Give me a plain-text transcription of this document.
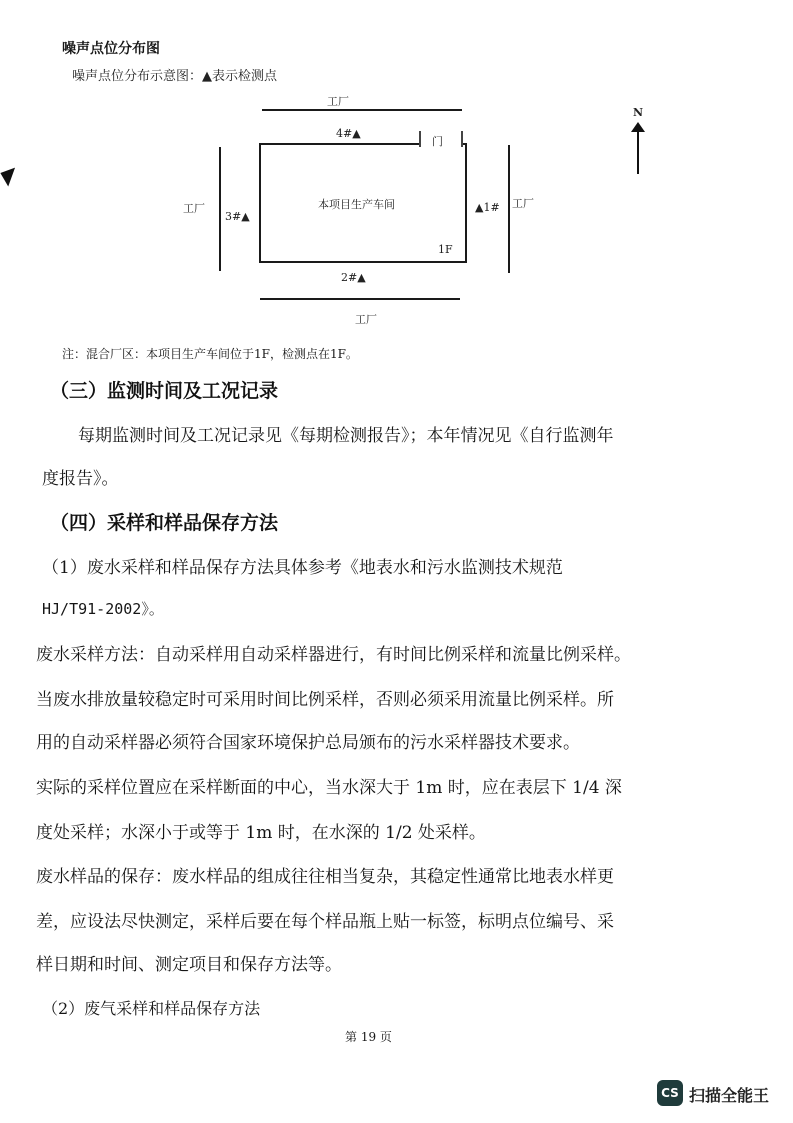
噪声点位分布图
噪声点位分布示意图：▲表示检测点
工厂
工厂
工厂	工厂
门
本项目生产车间
1F
4#▲
2#▲
3#▲
▲1#
N
注：混合厂区：本项目生产车间位于1F，检测点在1F。
（三）监测时间及工况记录
每期监测时间及工况记录见《每期检测报告》；本年情况见《自行监测年
度报告》。
（四）采样和样品保存方法
（1）废水采样和样品保存方法具体参考《地表水和污水监测技术规范
HJ/T91-2002》。
废水采样方法：自动采样用自动采样器进行，有时间比例采样和流量比例采样。
当废水排放量较稳定时可采用时间比例采样，否则必须采用流量比例采样。所
用的自动采样器必须符合国家环境保护总局颁布的污水采样器技术要求。
实际的采样位置应在采样断面的中心，当水深大于 1m 时，应在表层下 1/4 深
度处采样；水深小于或等于 1m 时，在水深的 1/2 处采样。
废水样品的保存：废水样品的组成往往相当复杂，其稳定性通常比地表水样更
差，应设法尽快测定，采样后要在每个样品瓶上贴一标签，标明点位编号、采
样日期和时间、测定项目和保存方法等。
（2）废气采样和样品保存方法
第 19 页
CS 扫描全能王
